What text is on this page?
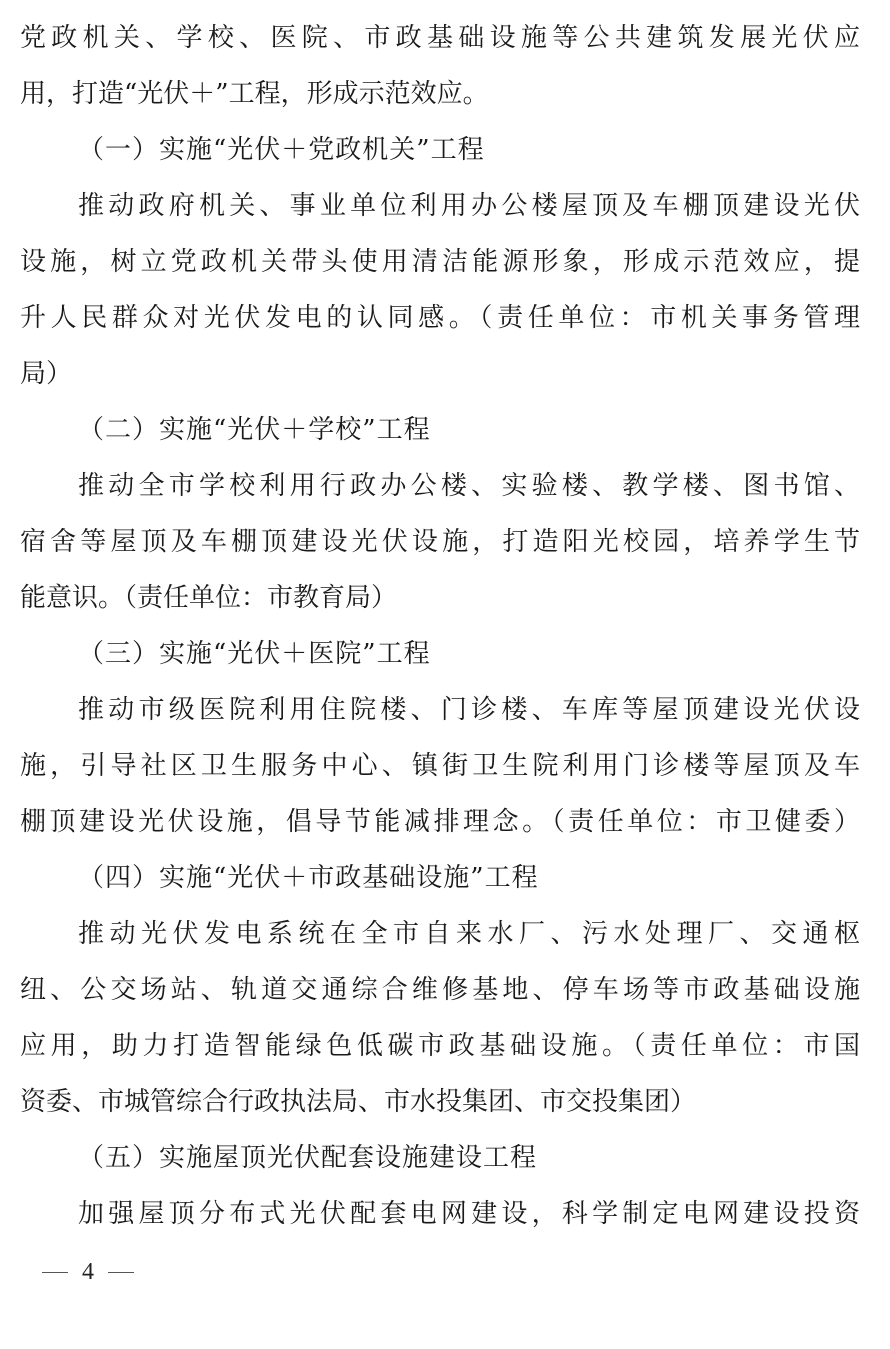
党政机关、学校、医院、市政基础设施等公共建筑发展光伏应
用，打造“光伏＋”工程，形成示范效应。
（一）实施“光伏＋党政机关”工程
推动政府机关、事业单位利用办公楼屋顶及车棚顶建设光伏
设施，树立党政机关带头使用清洁能源形象，形成示范效应，提
升人民群众对光伏发电的认同感。（责任单位：市机关事务管理
局）
（二）实施“光伏＋学校”工程
推动全市学校利用行政办公楼、实验楼、教学楼、图书馆、
宿舍等屋顶及车棚顶建设光伏设施，打造阳光校园，培养学生节
能意识。（责任单位：市教育局）
（三）实施“光伏＋医院”工程
推动市级医院利用住院楼、门诊楼、车库等屋顶建设光伏设
施，引导社区卫生服务中心、镇街卫生院利用门诊楼等屋顶及车
棚顶建设光伏设施，倡导节能减排理念。（责任单位：市卫健委）
（四）实施“光伏＋市政基础设施”工程
推动光伏发电系统在全市自来水厂、污水处理厂、交通枢
纽、公交场站、轨道交通综合维修基地、停车场等市政基础设施
应用，助力打造智能绿色低碳市政基础设施。（责任单位：市国
资委、市城管综合行政执法局、市水投集团、市交投集团）
（五）实施屋顶光伏配套设施建设工程
加强屋顶分布式光伏配套电网建设，科学制定电网建设投资
4
